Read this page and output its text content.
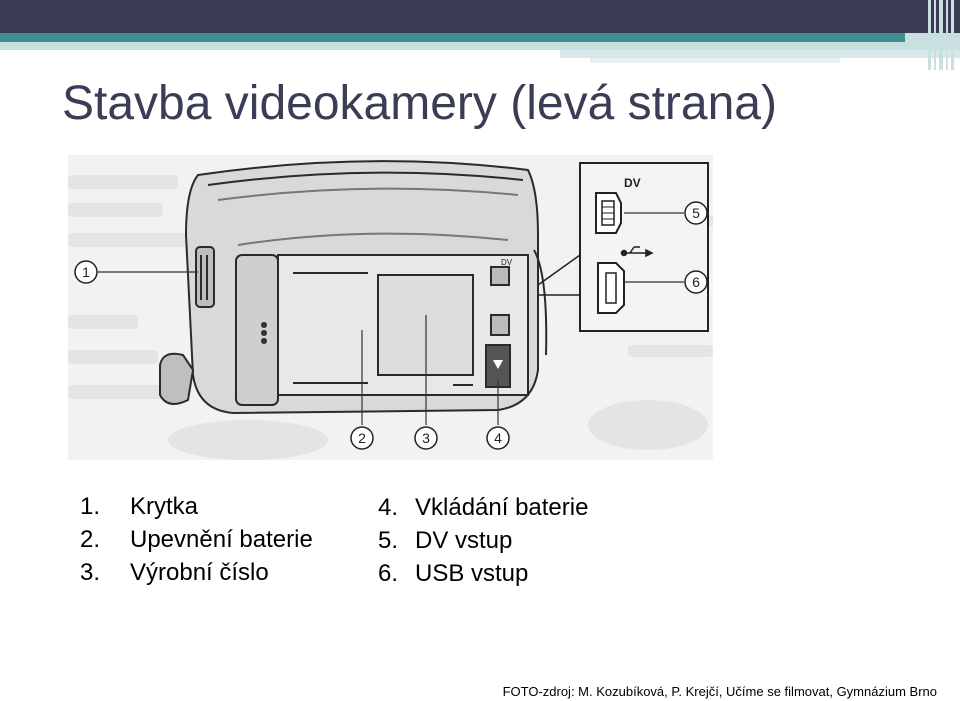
Stavba videokamery (levá strana)
DV
DV
1
2	3	4
5
6
1.	Krytka
2.	Upevnění baterie
3.	Výrobní číslo
4. Vkládání baterie
5. DV vstup
6. USB vstup
FOTO-zdroj: M. Kozubíková, P. Krejčí, Učíme se filmovat, Gymnázium Brno
